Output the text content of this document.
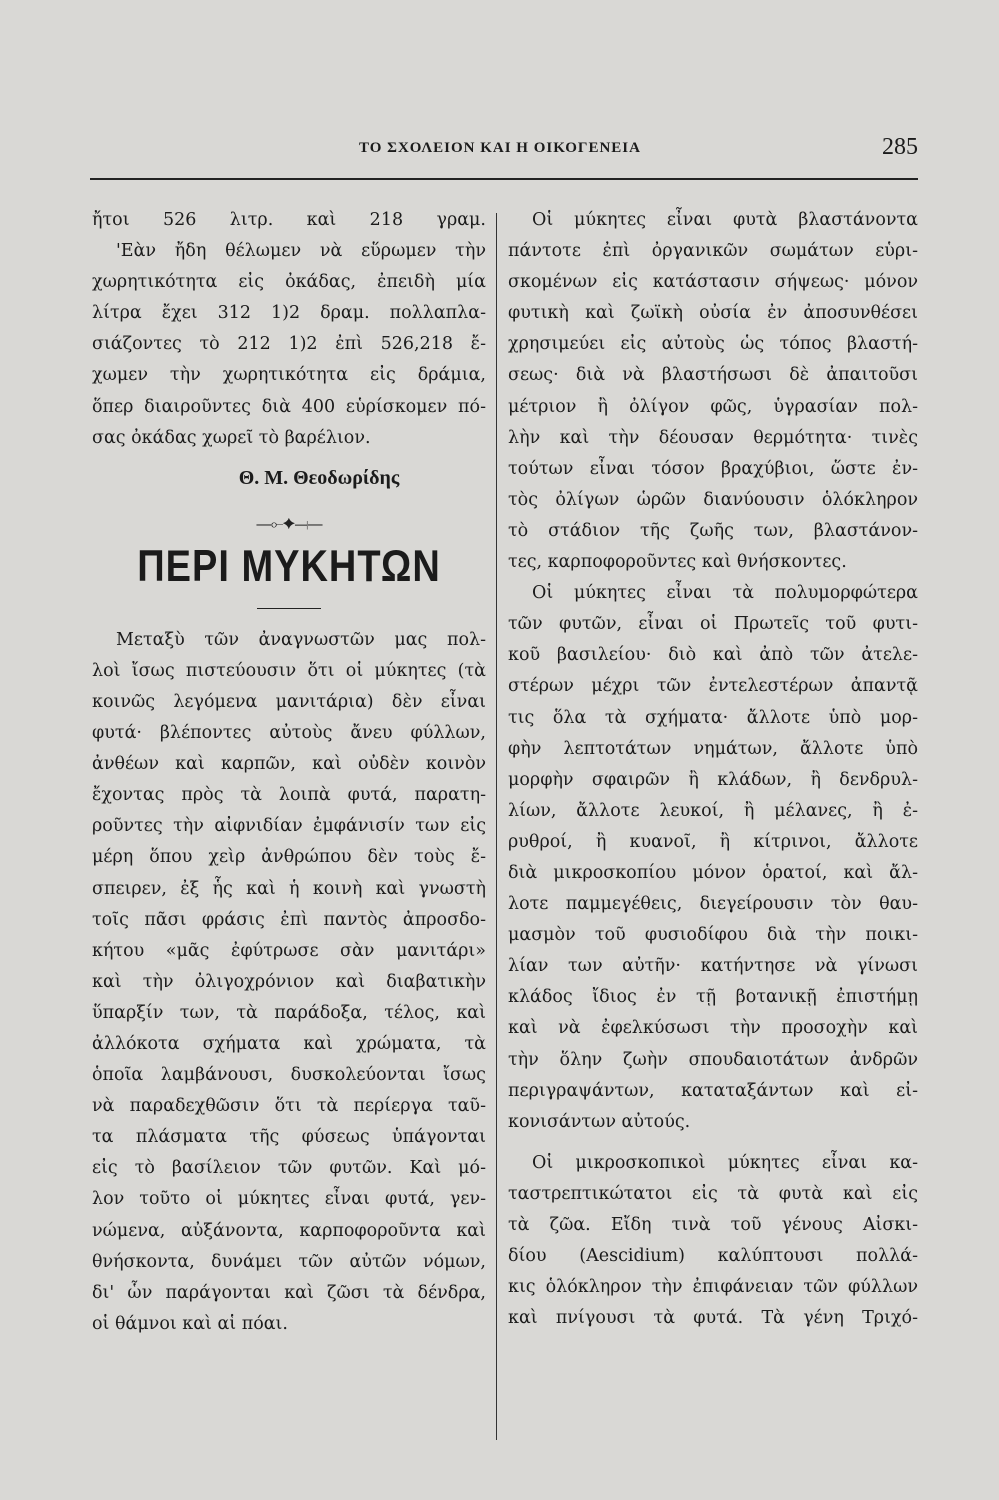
ΤΟ ΣΧΟΛΕΙΟΝ ΚΑΙ Η ΟΙΚΟΓΕΝΕΙΑ	285
ἤτοι 526 λιτρ. καὶ 218 γραμ.
'Εὰν ἤδη θέλωμεν νὰ εὕρωμεν τὴν
χωρητικότητα εἰς ὀκάδας, ἐπειδὴ μία
λίτρα ἔχει 312 1)2 δραμ. πολλαπλα-
σιάζοντες τὸ 212 1)2 ἐπὶ 526,218 ἔ-
χωμεν τὴν χωρητικότητα εἰς δράμια,
ὅπερ διαιροῦντες διὰ 400 εὑρίσκομεν πό-
σας ὀκάδας χωρεῖ τὸ βαρέλιον.
Θ. Μ. Θεοδωρίδης
—⟜✦⟞—
ΠΕΡΙ ΜΥΚΗΤΩΝ
Μεταξὺ τῶν ἀναγνωστῶν μας πολ-
λοὶ ἴσως πιστεύουσιν ὅτι οἱ μύκητες (τὰ
κοινῶς λεγόμενα μανιτάρια) δὲν εἶναι
φυτά· βλέποντες αὐτοὺς ἄνευ φύλλων,
ἀνθέων καὶ καρπῶν, καὶ οὐδὲν κοινὸν
ἔχοντας πρὸς τὰ λοιπὰ φυτά, παρατη-
ροῦντες τὴν αἰφνιδίαν ἐμφάνισίν των εἰς
μέρη ὅπου χεὶρ ἀνθρώπου δὲν τοὺς ἔ-
σπειρεν, ἐξ ἧς καὶ ἡ κοινὴ καὶ γνωστὴ
τοῖς πᾶσι φράσις ἐπὶ παντὸς ἀπροσδο-
κήτου «μᾶς ἐφύτρωσε σὰν μανιτάρι»
καὶ τὴν ὀλιγοχρόνιον καὶ διαβατικὴν
ὕπαρξίν των, τὰ παράδοξα, τέλος, καὶ
ἀλλόκοτα σχήματα καὶ χρώματα, τὰ
ὁποῖα λαμβάνουσι, δυσκολεύονται ἴσως
νὰ παραδεχθῶσιν ὅτι τὰ περίεργα ταῦ-
τα πλάσματα τῆς φύσεως ὑπάγονται
εἰς τὸ βασίλειον τῶν φυτῶν. Καὶ μό-
λον τοῦτο οἱ μύκητες εἶναι φυτά, γεν-
νώμενα, αὐξάνοντα, καρποφοροῦντα καὶ
θνήσκοντα, δυνάμει τῶν αὐτῶν νόμων,
δι' ὧν παράγονται καὶ ζῶσι τὰ δένδρα,
οἱ θάμνοι καὶ αἱ πόαι.
Οἱ μύκητες εἶναι φυτὰ βλαστάνοντα
πάντοτε ἐπὶ ὀργανικῶν σωμάτων εὑρι-
σκομένων εἰς κατάστασιν σήψεως· μόνον
φυτικὴ καὶ ζωϊκὴ οὐσία ἐν ἀποσυνθέσει
χρησιμεύει εἰς αὐτοὺς ὡς τόπος βλαστή-
σεως· διὰ νὰ βλαστήσωσι δὲ ἀπαιτοῦσι
μέτριον ἢ ὀλίγον φῶς, ὑγρασίαν πολ-
λὴν καὶ τὴν δέουσαν θερμότητα· τινὲς
τούτων εἶναι τόσον βραχύβιοι, ὥστε ἐν-
τὸς ὀλίγων ὡρῶν διανύουσιν ὁλόκληρον
τὸ στάδιον τῆς ζωῆς των, βλαστάνον-
τες, καρποφοροῦντες καὶ θνήσκοντες.
Οἱ μύκητες εἶναι τὰ πολυμορφώτερα
τῶν φυτῶν, εἶναι οἱ Πρωτεῖς τοῦ φυτι-
κοῦ βασιλείου· διὸ καὶ ἀπὸ τῶν ἀτελε-
στέρων μέχρι τῶν ἐντελεστέρων ἀπαντᾷ
τις ὅλα τὰ σχήματα· ἄλλοτε ὑπὸ μορ-
φὴν λεπτοτάτων νημάτων, ἄλλοτε ὑπὸ
μορφὴν σφαιρῶν ἢ κλάδων, ἢ δενδρυλ-
λίων, ἄλλοτε λευκοί, ἢ μέλανες, ἢ ἐ-
ρυθροί, ἢ κυανοῖ, ἢ κίτρινοι, ἄλλοτε
διὰ μικροσκοπίου μόνον ὁρατοί, καὶ ἄλ-
λοτε παμμεγέθεις, διεγείρουσιν τὸν θαυ-
μασμὸν τοῦ φυσιοδίφου διὰ τὴν ποικι-
λίαν των αὐτῆν· κατήντησε νὰ γίνωσι
κλάδος ἴδιος ἐν τῇ βοτανικῇ ἐπιστήμῃ
καὶ νὰ ἐφελκύσωσι τὴν προσοχὴν καὶ
τὴν ὅλην ζωὴν σπουδαιοτάτων ἀνδρῶν
περιγραψάντων, καταταξάντων καὶ εἰ-
κονισάντων αὐτούς.
Οἱ μικροσκοπικοὶ μύκητες εἶναι κα-
ταστρεπτικώτατοι εἰς τὰ φυτὰ καὶ εἰς
τὰ ζῶα. Εἴδη τινὰ τοῦ γένους Αἰσκι-
δίου (Aescidium) καλύπτουσι πολλά-
κις ὁλόκληρον τὴν ἐπιφάνειαν τῶν φύλλων
καὶ πνίγουσι τὰ φυτά. Τὰ γένη Τριχό-
